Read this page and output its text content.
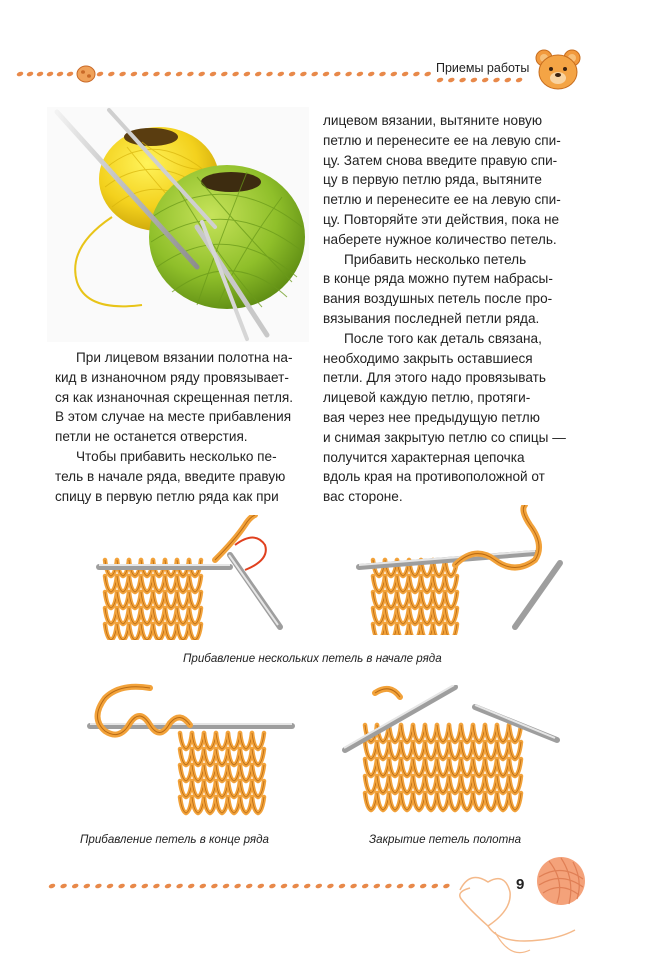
Приемы работы

При лицевом вязании полотна на-

кид в изнаночном ряду провязывает-

ся как изнаночная скрещенная петля.

В этом случае на месте прибавления

петли не останется отверстия.

Чтобы прибавить несколько пе-

тель в начале ряда, введите правую

спицу в первую петлю ряда как при

лицевом вязании, вытяните новую

петлю и перенесите ее на левую спи-

цу. Затем снова введите правую спи-

цу в первую петлю ряда, вытяните

петлю и перенесите ее на левую спи-

цу. Повторяйте эти действия, пока не

наберете нужное количество петель.

Прибавить несколько петель

в конце ряда можно путем набрасы-

вания воздушных петель после про-

вязывания последней петли ряда.

После того как деталь связана,

необходимо закрыть оставшиеся

петли. Для этого надо провязывать

лицевой каждую петлю, протяги-

вая через нее предыдущую петлю

и снимая закрытую петлю со спицы —

получится характерная цепочка

вдоль края на противоположной от

вас стороне.

Прибавление нескольких петель в начале ряда
Прибавление петель в конце ряда	Закрытие петель полотна
9
